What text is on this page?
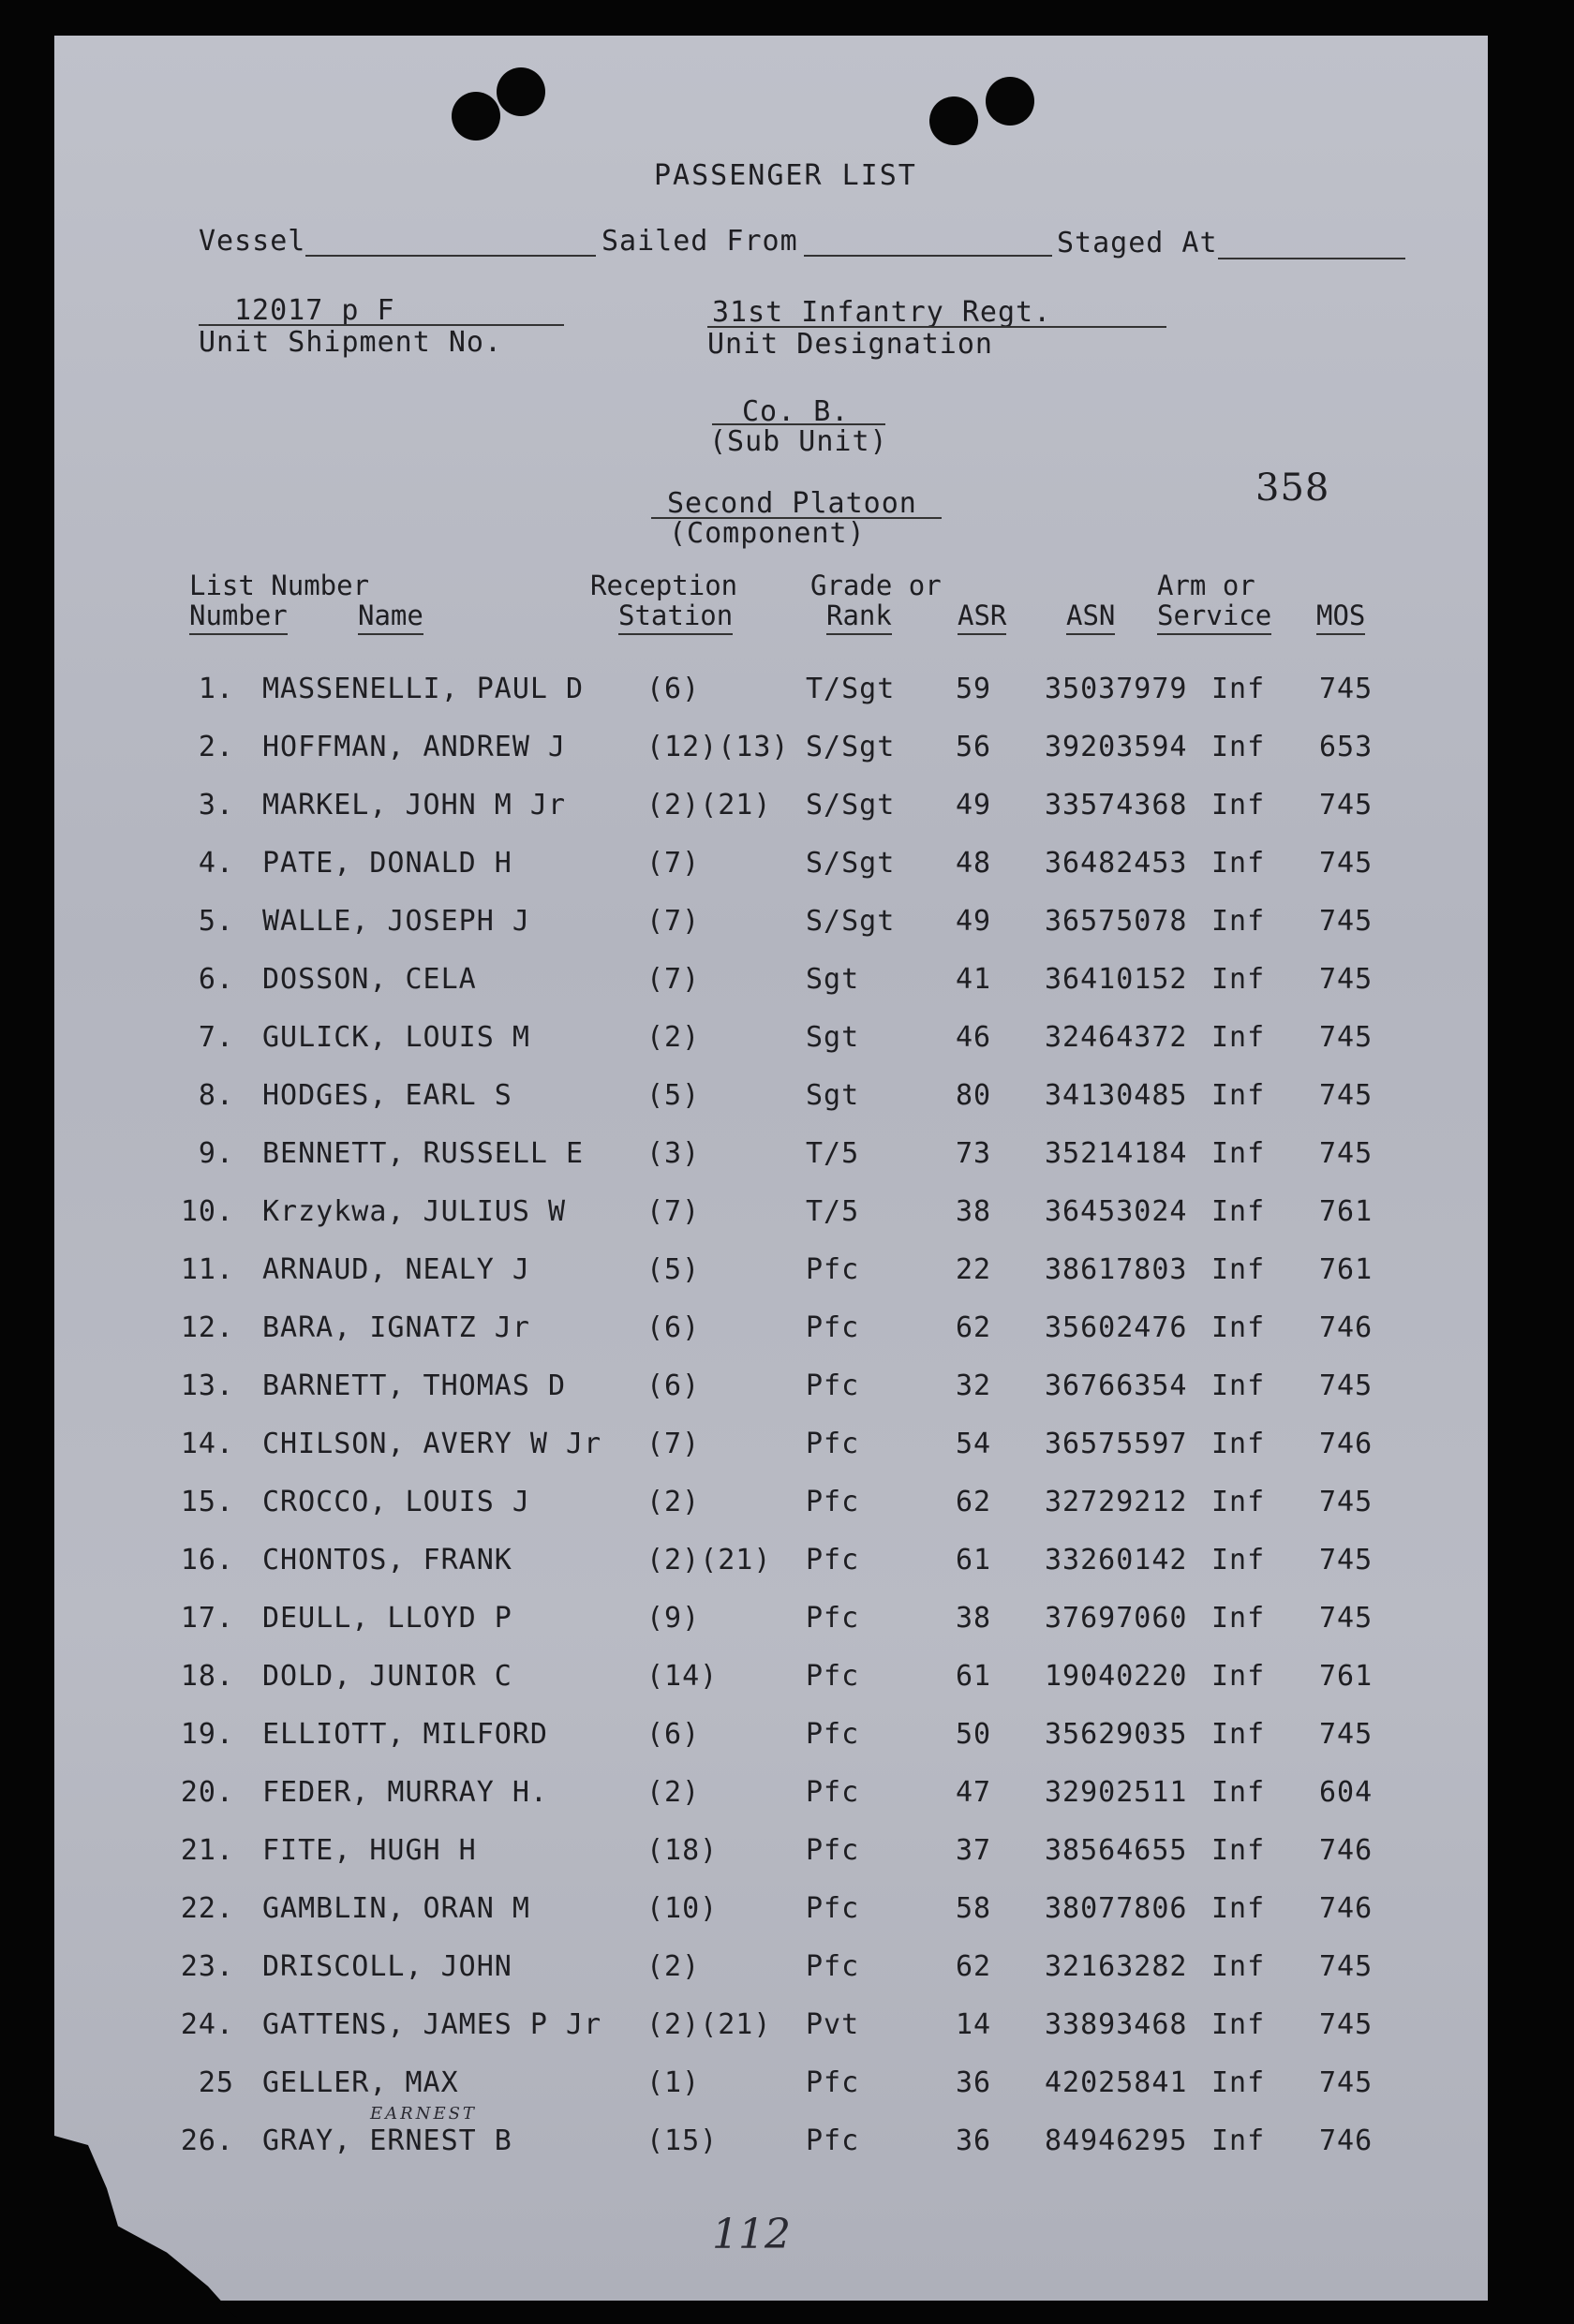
PASSENGER LIST
Vessel	Sailed From	Staged At
12017 p F
Unit Shipment No.
31st Infantry Regt.
Unit Designation
Co. B.
(Sub Unit)
Second Platoon
(Component)
358
List Number
Number	Name
Reception
Station
Grade or
Rank ASR ASN
Arm or
Service MOS
1. MASSENELLI, PAUL D (6)	T/Sgt 59 35037979 Inf 745
2. HOFFMAN, ANDREW J	(12)(13) S/Sgt 56 39203594 Inf 653
3. MARKEL, JOHN M Jr	(2)(21) S/Sgt 49 33574368 Inf 745
4. PATE, DONALD H	(7)	S/Sgt 48 36482453 Inf 745
5. WALLE, JOSEPH J	(7)	S/Sgt 49 36575078 Inf 745
6. DOSSON, CELA	(7)	Sgt	41 36410152 Inf 745
7. GULICK, LOUIS M	(2)	Sgt	46 32464372 Inf 745
8. HODGES, EARL S	(5)	Sgt	80 34130485 Inf 745
9. BENNETT, RUSSELL E (3)	T/5	73 35214184 Inf 745
10. Krzykwa, JULIUS W	(7)	T/5	38 36453024 Inf 761
11. ARNAUD, NEALY J	(5)	Pfc	22 38617803 Inf 761
12. BARA, IGNATZ Jr	(6)	Pfc	62 35602476 Inf 746
13. BARNETT, THOMAS D	(6)	Pfc	32 36766354 Inf 745
14. CHILSON, AVERY W Jr (7)	Pfc	54 36575597 Inf 746
15. CROCCO, LOUIS J	(2)	Pfc	62 32729212 Inf 745
16. CHONTOS, FRANK	(2)(21) Pfc	61 33260142 Inf 745
17. DEULL, LLOYD P	(9)	Pfc	38 37697060 Inf 745
18. DOLD, JUNIOR C	(14)	Pfc	61 19040220 Inf 761
19. ELLIOTT, MILFORD	(6)	Pfc	50 35629035 Inf 745
20. FEDER, MURRAY H.	(2)	Pfc	47 32902511 Inf 604
21. FITE, HUGH H	(18)	Pfc	37 38564655 Inf 746
22. GAMBLIN, ORAN M	(10)	Pfc	58 38077806 Inf 746
23. DRISCOLL, JOHN	(2)	Pfc	62 32163282 Inf 745
24. GATTENS, JAMES P Jr (2)(21) Pvt	14 33893468 Inf 745
25 GELLER, MAX	(1)	Pfc	36 42025841 Inf 745
26. GRAY, ERNEST B	(15)	Pfc	36 84946295 Inf 746
EARNEST
112
